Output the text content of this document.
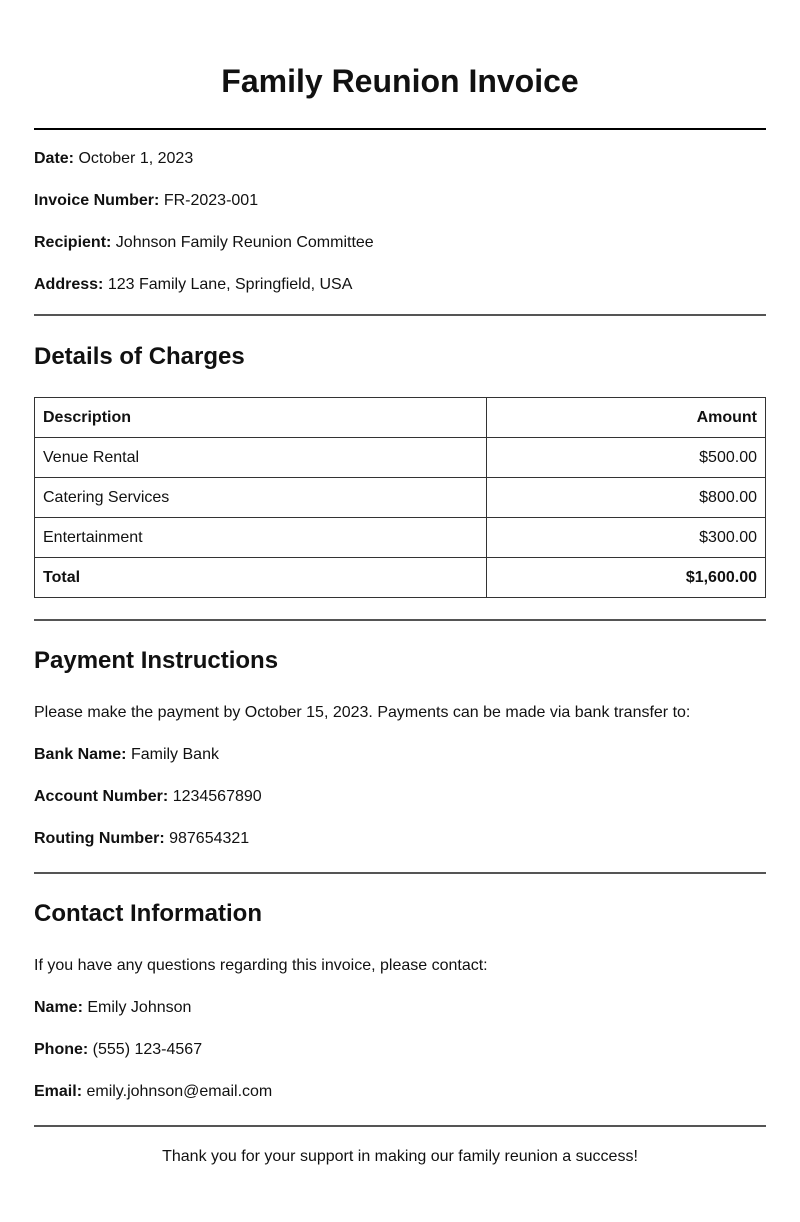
Family Reunion Invoice

Date: October 1, 2023

Invoice Number: FR-2023-001

Recipient: Johnson Family Reunion Committee

Address: 123 Family Lane, Springfield, USA

Details of Charges
Description	Amount
Venue Rental	$500.00
Catering Services	$800.00
Entertainment	$300.00
Total	$1,600.00
Payment Instructions

Please make the payment by October 15, 2023. Payments can be made via bank transfer to:

Bank Name: Family Bank

Account Number: 1234567890

Routing Number: 987654321

Contact Information

If you have any questions regarding this invoice, please contact:

Name: Emily Johnson

Phone: (555) 123-4567

Email: emily.johnson@email.com

Thank you for your support in making our family reunion a success!
